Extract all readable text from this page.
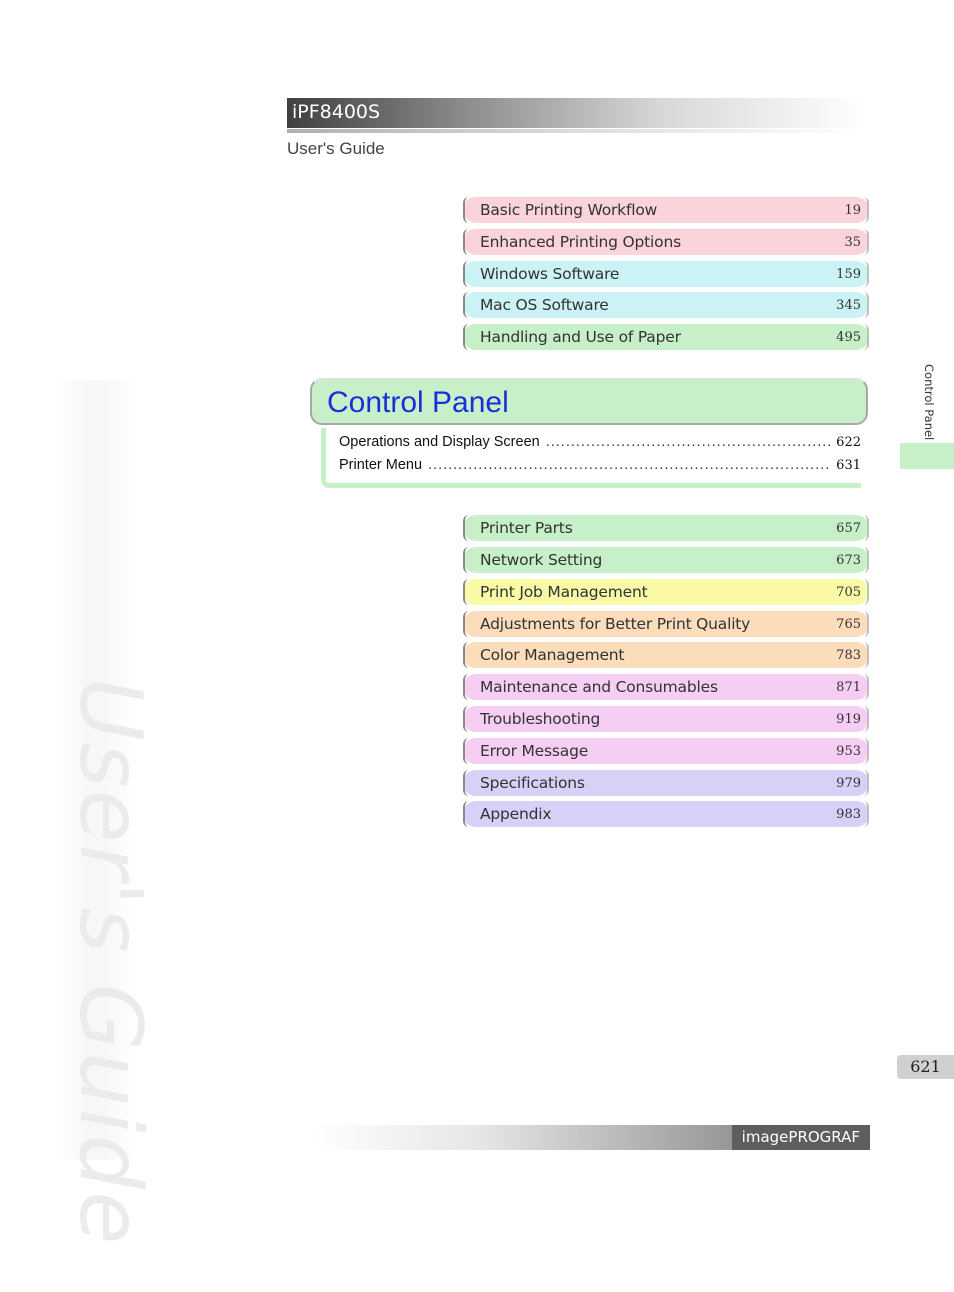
User's Guide
iPF8400S
User's Guide
Basic Printing Workflow	19
Enhanced Printing Options	35
Windows Software	159
Mac OS Software	345
Handling and Use of Paper	495
Control Panel
Operations and Display Screen .....	622
Printer Menu .....	631
Printer Parts	657
Network Setting	673
Print Job Management	705
Adjustments for Better Print Quality	765
Color Management	783
Maintenance and Consumables	871
Troubleshooting	919
Error Message	953
Specifications	979
Appendix	983
Control Panel
621
imagePROGRAF
